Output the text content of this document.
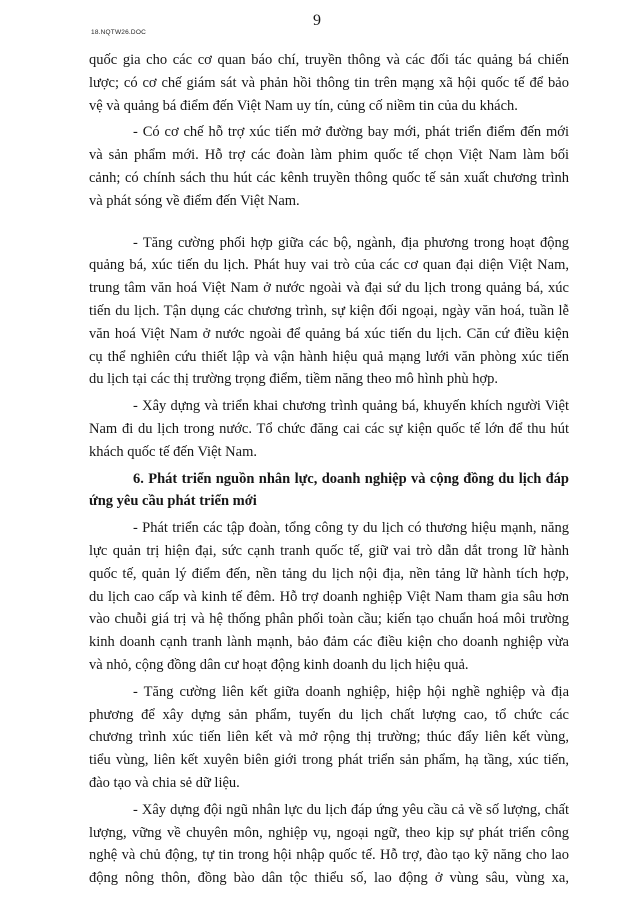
18.NQTW26.DOC
9
quốc gia cho các cơ quan báo chí, truyền thông và các đối tác quảng bá chiến
lược; có cơ chế giám sát và phản hồi thông tin trên mạng xã hội quốc tế để bảo
vệ và quảng bá điểm đến Việt Nam uy tín, củng cố niềm tin của du khách.
- Có cơ chế hỗ trợ xúc tiến mở đường bay mới, phát triển điểm đến mới
và sản phẩm mới. Hỗ trợ các đoàn làm phim quốc tế chọn Việt Nam làm bối
cảnh; có chính sách thu hút các kênh truyền thông quốc tế sản xuất chương trình
và phát sóng về điểm đến Việt Nam.
- Tăng cường phối hợp giữa các bộ, ngành, địa phương trong hoạt động
quảng bá, xúc tiến du lịch. Phát huy vai trò của các cơ quan đại diện Việt Nam,
trung tâm văn hoá Việt Nam ở nước ngoài và đại sứ du lịch trong quảng bá, xúc
tiến du lịch. Tận dụng các chương trình, sự kiện đối ngoại, ngày văn hoá, tuần lễ
văn hoá Việt Nam ở nước ngoài để quảng bá xúc tiến du lịch. Căn cứ điều kiện
cụ thể nghiên cứu thiết lập và vận hành hiệu quả mạng lưới văn phòng xúc tiến
du lịch tại các thị trường trọng điểm, tiềm năng theo mô hình phù hợp.
- Xây dựng và triển khai chương trình quảng bá, khuyến khích người Việt
Nam đi du lịch trong nước. Tổ chức đăng cai các sự kiện quốc tế lớn để thu hút
khách quốc tế đến Việt Nam.
6. Phát triển nguồn nhân lực, doanh nghiệp và cộng đồng du lịch đáp
ứng yêu cầu phát triển mới
- Phát triển các tập đoàn, tổng công ty du lịch có thương hiệu mạnh, năng
lực quản trị hiện đại, sức cạnh tranh quốc tế, giữ vai trò dẫn dắt trong lữ hành
quốc tế, quản lý điểm đến, nền tảng du lịch nội địa, nền tảng lữ hành tích hợp,
du lịch cao cấp và kinh tế đêm. Hỗ trợ doanh nghiệp Việt Nam tham gia sâu hơn
vào chuỗi giá trị và hệ thống phân phối toàn cầu; kiến tạo chuẩn hoá môi trường
kinh doanh cạnh tranh lành mạnh, bảo đảm các điều kiện cho doanh nghiệp vừa
và nhỏ, cộng đồng dân cư hoạt động kinh doanh du lịch hiệu quả.
- Tăng cường liên kết giữa doanh nghiệp, hiệp hội nghề nghiệp và địa
phương để xây dựng sản phẩm, tuyến du lịch chất lượng cao, tổ chức các
chương trình xúc tiến liên kết và mở rộng thị trường; thúc đẩy liên kết vùng,
tiểu vùng, liên kết xuyên biên giới trong phát triển sản phẩm, hạ tầng, xúc tiến,
đào tạo và chia sẻ dữ liệu.
- Xây dựng đội ngũ nhân lực du lịch đáp ứng yêu cầu cả về số lượng, chất
lượng, vững về chuyên môn, nghiệp vụ, ngoại ngữ, theo kịp sự phát triển công
nghệ và chủ động, tự tin trong hội nhập quốc tế. Hỗ trợ, đào tạo kỹ năng cho lao
động nông thôn, đồng bào dân tộc thiểu số, lao động ở vùng sâu, vùng xa,
